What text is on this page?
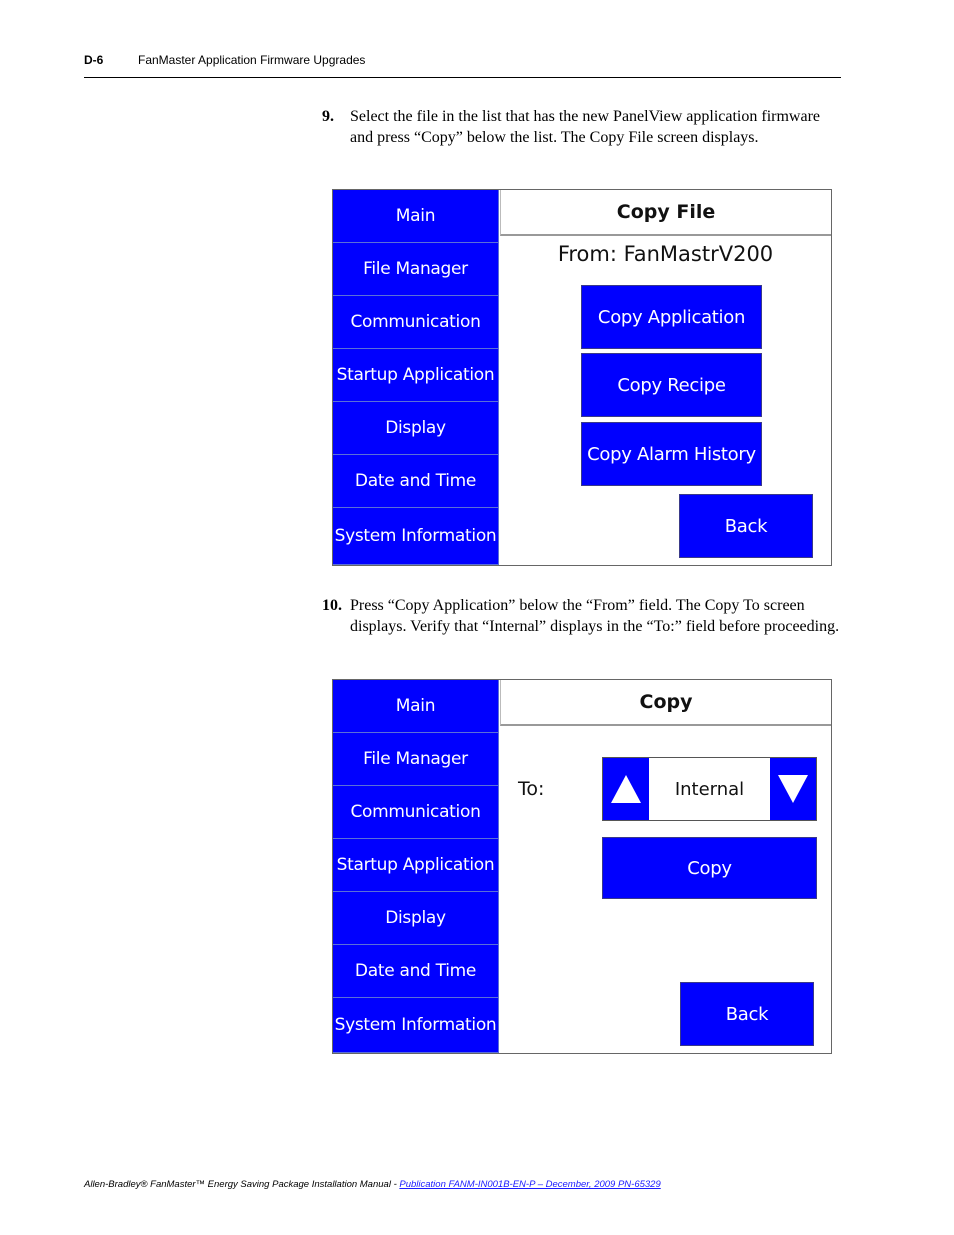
D-6	FanMaster Application Firmware Upgrades
9. Select the file in the list that has the new PanelView application firmware and press “Copy” below the list. The Copy File screen displays.
Main
File Manager
Communication
Startup Application
Display
Date and Time
System Information
Copy File
From: FanMastrV200
Copy Application
Copy Recipe
Copy Alarm History
Back
10. Press “Copy Application” below the “From” field. The Copy To screen displays. Verify that “Internal” displays in the “To:” field before proceeding.
Main
File Manager
Communication
Startup Application
Display
Date and Time
System Information
Copy
To:	Internal
Copy
Back
Allen-Bradley® FanMaster™ Energy Saving Package Installation Manual - Publication FANM-IN001B-EN-P – December, 2009 PN-65329
